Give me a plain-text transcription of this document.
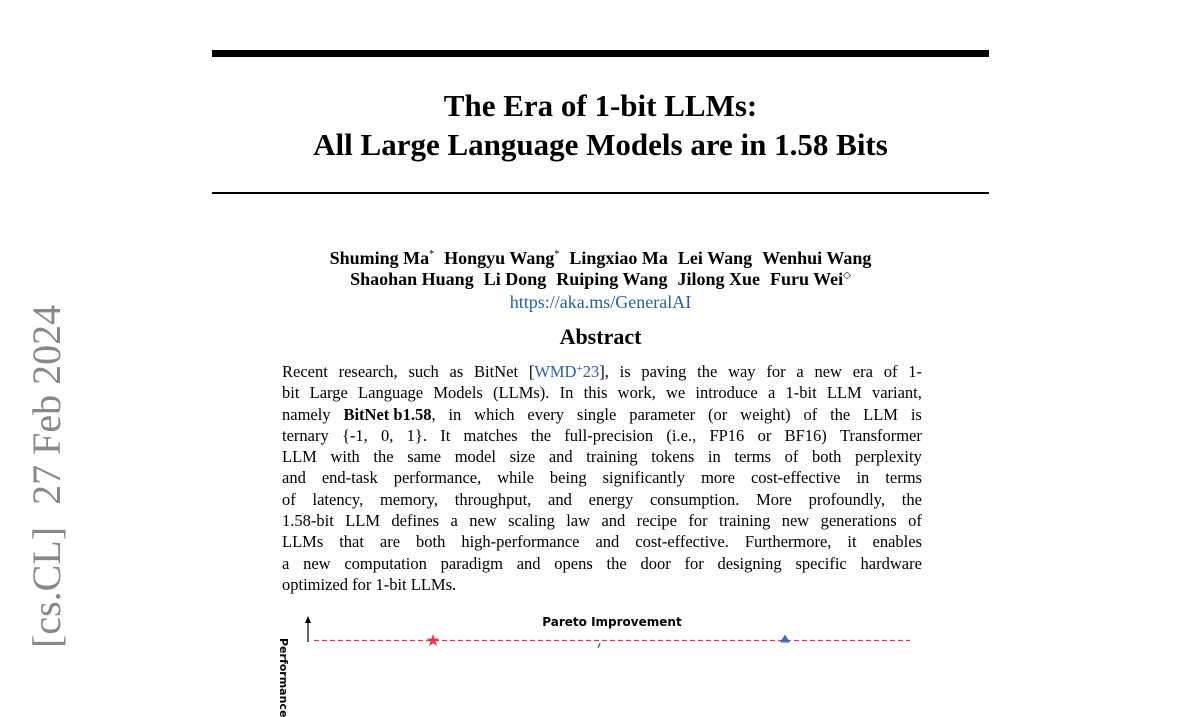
The Era of 1-bit LLMs:
All Large Language Models are in 1.58 Bits
Shuming Ma* Hongyu Wang* Lingxiao Ma Lei Wang Wenhui Wang
Shaohan Huang Li Dong Ruiping Wang Jilong Xue Furu Wei◇
https://aka.ms/GeneralAI
Abstract
Recent research, such as BitNet [WMD+23], is paving the way for a new era of 1-
bit Large Language Models (LLMs). In this work, we introduce a 1-bit LLM variant,
namely BitNet b1.58, in which every single parameter (or weight) of the LLM is
ternary {-1, 0, 1}. It matches the full-precision (i.e., FP16 or BF16) Transformer
LLM with the same model size and training tokens in terms of both perplexity
and end-task performance, while being significantly more cost-effective in terms
of latency, memory, throughput, and energy consumption. More profoundly, the
1.58-bit LLM defines a new scaling law and recipe for training new generations of
LLMs that are both high-performance and cost-effective. Furthermore, it enables
a new computation paradigm and opens the door for designing specific hardware
optimized for 1-bit LLMs.
Pareto Improvement
Performance
[cs.CL]27 Feb 2024
